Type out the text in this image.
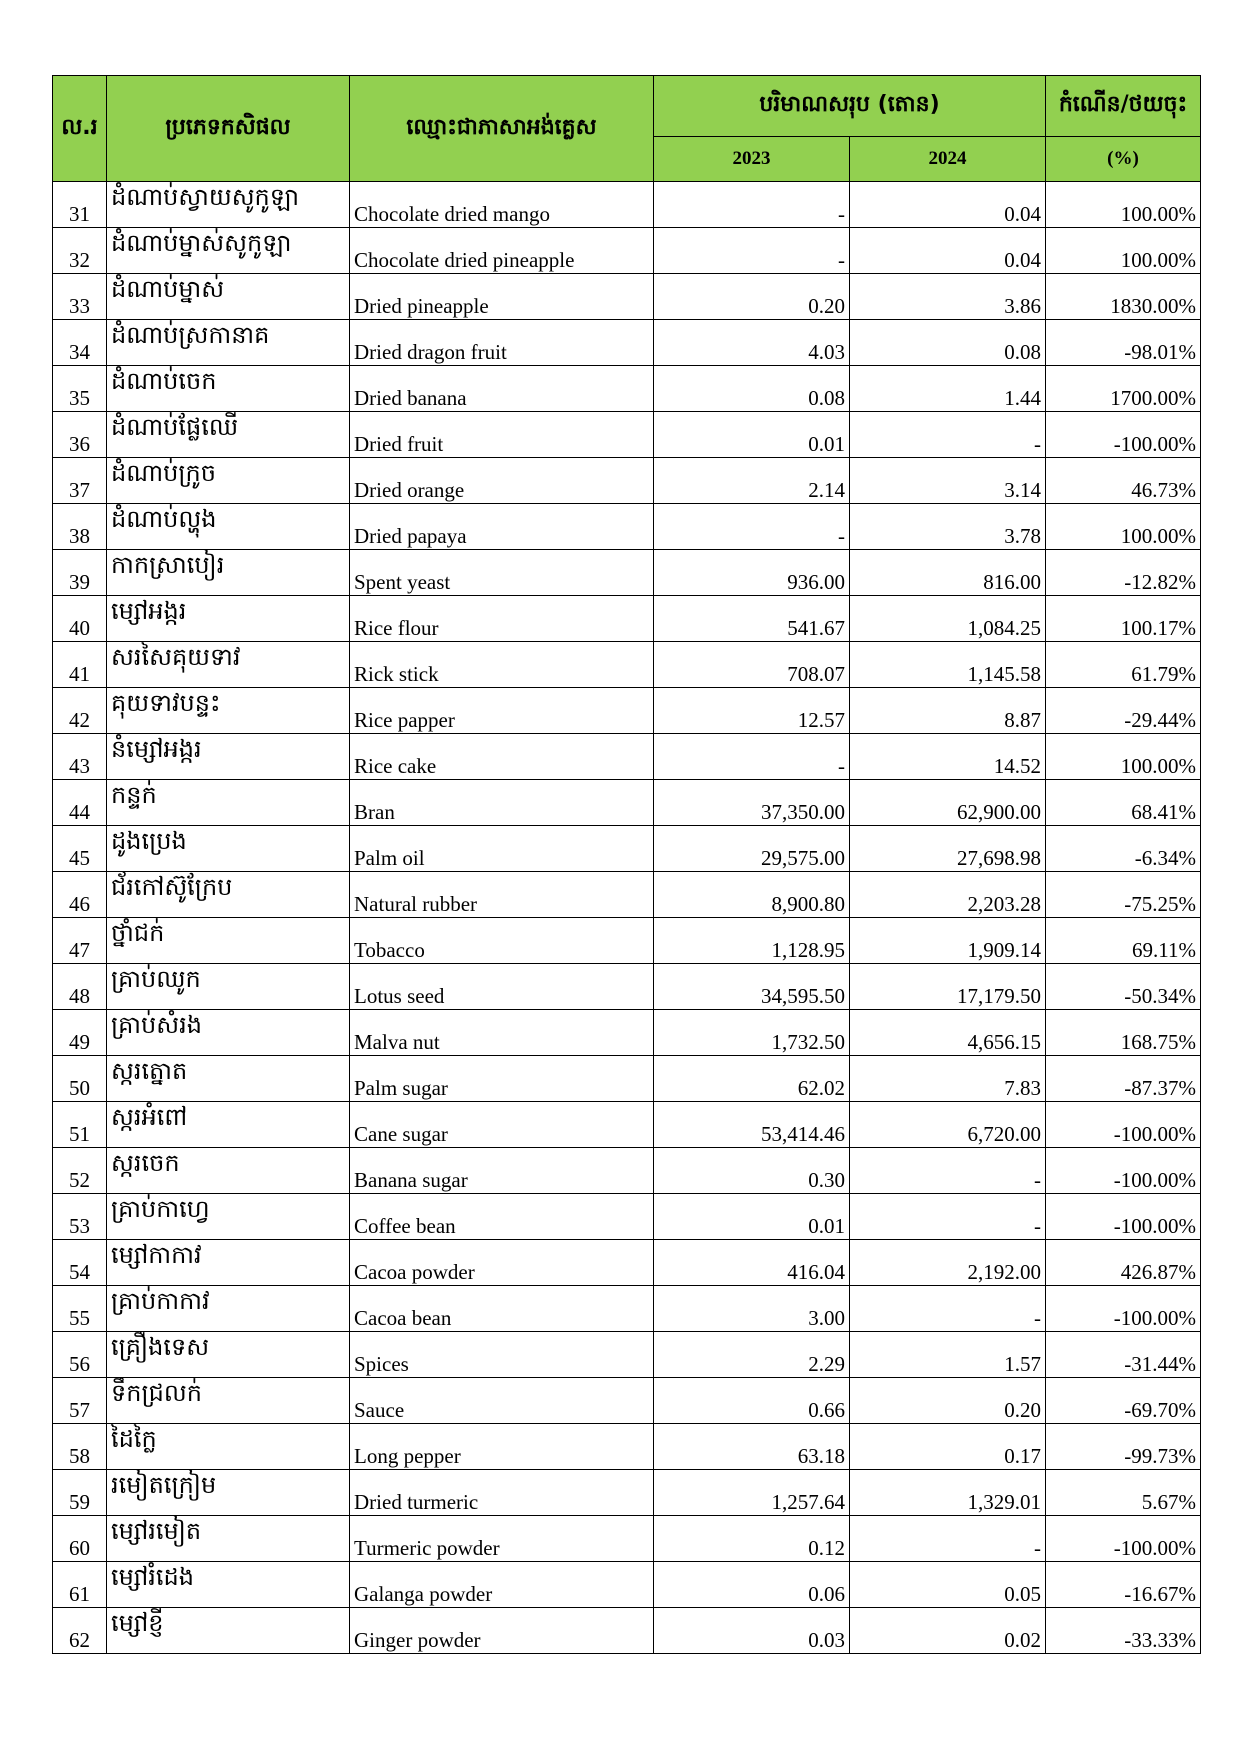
ល.រ	ប្រភេទកសិផល	ឈ្មោះជាភាសាអង់គ្លេស	បរិមាណសរុប (តោន)		កំណើន/ថយចុះ
			2023	2024	(%)
31	ដំណាប់ស្វាយសូកូឡា	Chocolate dried mango	-	0.04	100.00%
32	ដំណាប់ម្នាស់សូកូឡា	Chocolate dried pineapple	-	0.04	100.00%
33	ដំណាប់ម្នាស់	Dried pineapple	0.20	3.86	1830.00%
34	ដំណាប់ស្រកានាគ	Dried dragon fruit	4.03	0.08	-98.01%
35	ដំណាប់ចេក	Dried banana	0.08	1.44	1700.00%
36	ដំណាប់ផ្លែឈើ	Dried fruit	0.01	-	-100.00%
37	ដំណាប់ក្រូច	Dried orange	2.14	3.14	46.73%
38	ដំណាប់ល្ហុង	Dried papaya	-	3.78	100.00%
39	កាកស្រាបៀរ	Spent yeast	936.00	816.00	-12.82%
40	ម្សៅអង្ករ	Rice flour	541.67	1,084.25	100.17%
41	សរសៃគុយទាវ	Rick stick	708.07	1,145.58	61.79%
42	គុយទាវបន្ទះ	Rice papper	12.57	8.87	-29.44%
43	នំម្សៅអង្ករ	Rice cake	-	14.52	100.00%
44	កន្ទក់	Bran	37,350.00	62,900.00	68.41%
45	ដូងប្រេង	Palm oil	29,575.00	27,698.98	-6.34%
46	ជ័រកៅស៊ូក្រែប	Natural rubber	8,900.80	2,203.28	-75.25%
47	ថ្នាំជក់	Tobacco	1,128.95	1,909.14	69.11%
48	គ្រាប់ឈូក	Lotus seed	34,595.50	17,179.50	-50.34%
49	គ្រាប់សំរង	Malva nut	1,732.50	4,656.15	168.75%
50	ស្ករត្នោត	Palm sugar	62.02	7.83	-87.37%
51	ស្ករអំពៅ	Cane sugar	53,414.46	6,720.00	-100.00%
52	ស្ករចេក	Banana sugar	0.30	-	-100.00%
53	គ្រាប់កាហ្វេ	Coffee bean	0.01	-	-100.00%
54	ម្សៅកាកាវ	Cacoa powder	416.04	2,192.00	426.87%
55	គ្រាប់កាកាវ	Cacoa bean	3.00	-	-100.00%
56	គ្រឿងទេស	Spices	2.29	1.57	-31.44%
57	ទឹកជ្រលក់	Sauce	0.66	0.20	-69.70%
58	ដៃក្លៃ	Long pepper	63.18	0.17	-99.73%
59	រមៀតក្រៀម	Dried turmeric	1,257.64	1,329.01	5.67%
60	ម្សៅរមៀត	Turmeric powder	0.12	-	-100.00%
61	ម្សៅរំដេង	Galanga powder	0.06	0.05	-16.67%
62	ម្សៅខ្ញី	Ginger powder	0.03	0.02	-33.33%
